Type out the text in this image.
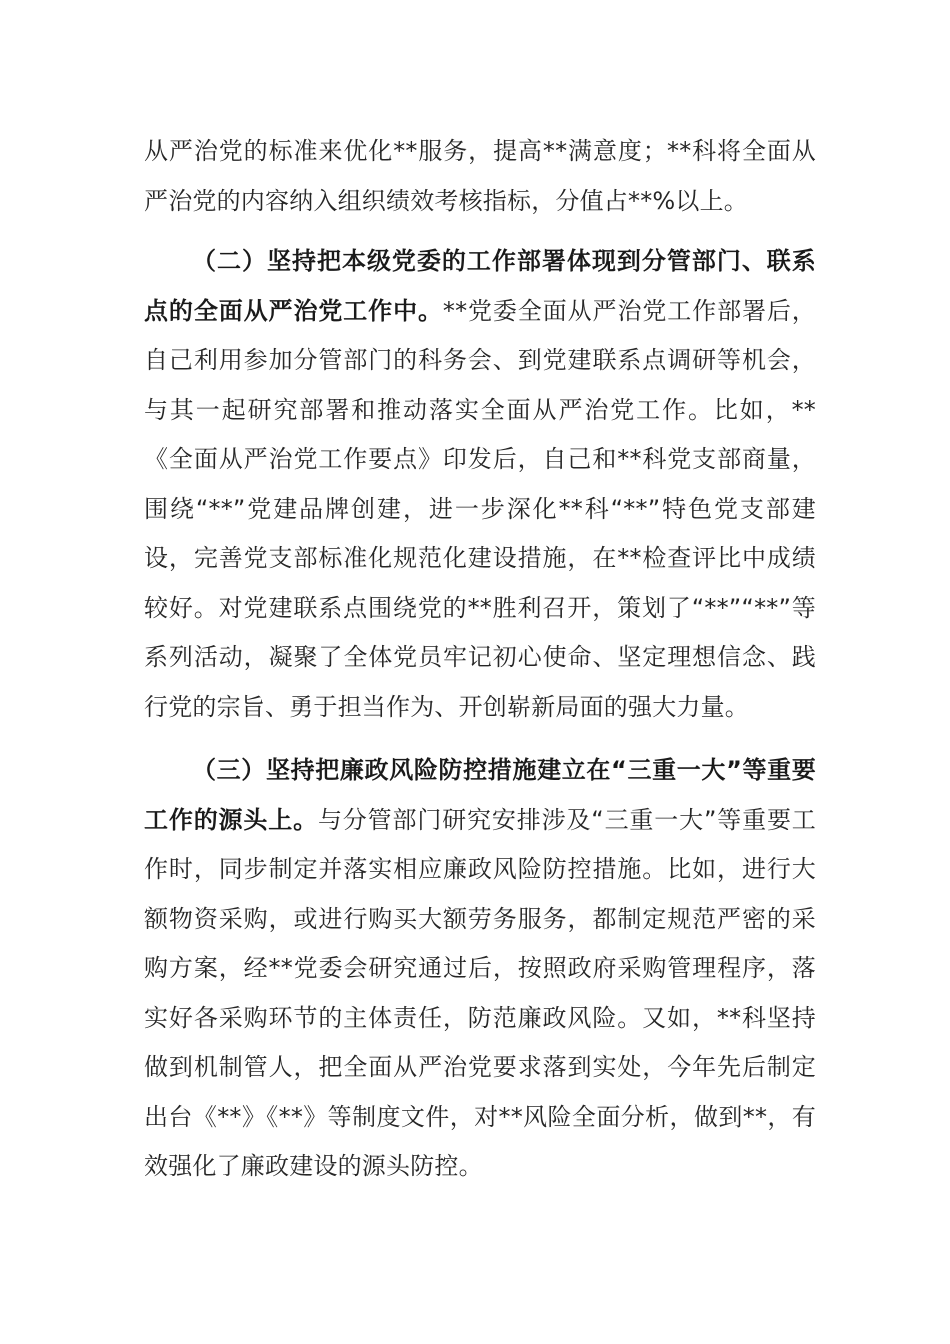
从严治党的标准来优化**服务，提高**满意度；**科将全面从严治党的内容纳入组织绩效考核指标，分值占**%以上。

（二）坚持把本级党委的工作部署体现到分管部门、联系点的全面从严治党工作中。**党委全面从严治党工作部署后，自己利用参加分管部门的科务会、到党建联系点调研等机会，与其一起研究部署和推动落实全面从严治党工作。比如，**《全面从严治党工作要点》印发后，自己和**科党支部商量，围绕“**”党建品牌创建，进一步深化**科“**”特色党支部建设，完善党支部标准化规范化建设措施，在**检查评比中成绩较好。对党建联系点围绕党的**胜利召开，策划了“**”“**”等系列活动，凝聚了全体党员牢记初心使命、坚定理想信念、践行党的宗旨、勇于担当作为、开创崭新局面的强大力量。

（三）坚持把廉政风险防控措施建立在“三重一大”等重要工作的源头上。与分管部门研究安排涉及“三重一大”等重要工作时，同步制定并落实相应廉政风险防控措施。比如，进行大额物资采购，或进行购买大额劳务服务，都制定规范严密的采购方案，经**党委会研究通过后，按照政府采购管理程序，落实好各采购环节的主体责任，防范廉政风险。又如，**科坚持做到机制管人，把全面从严治党要求落到实处，今年先后制定出台《**》《**》等制度文件，对**风险全面分析，做到**，有效强化了廉政建设的源头防控。
